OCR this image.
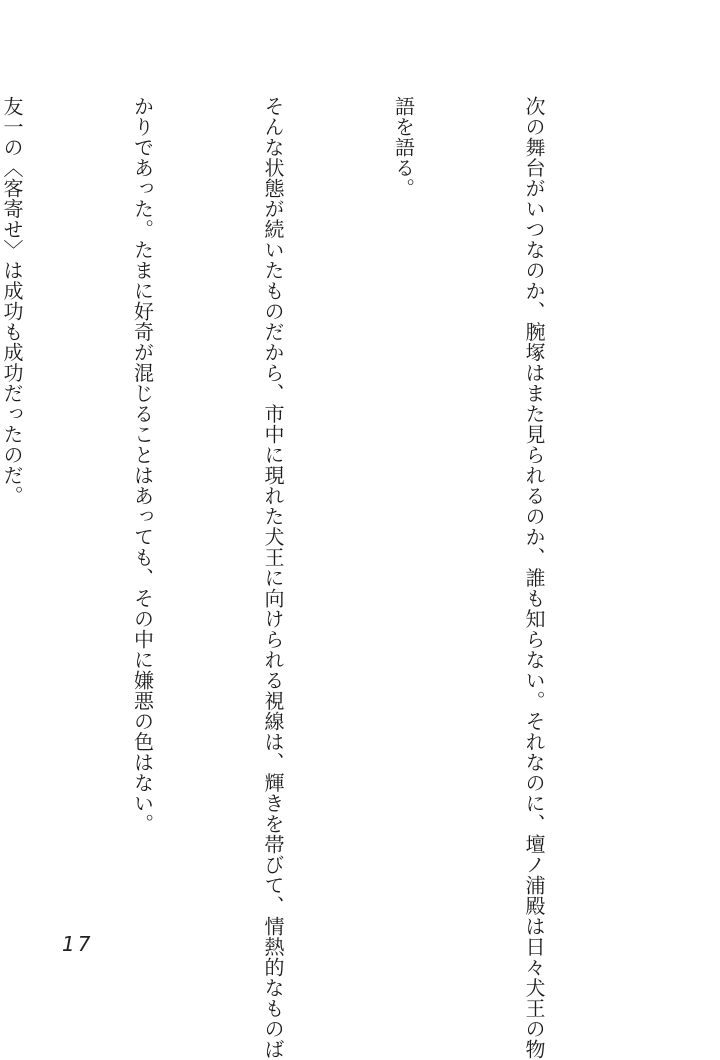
次の舞台がいつなのか、腕塚はまた見られるのか、誰も知らない。それなのに、壇ノ浦殿は日々犬王の物

語を語る。

そんな状態が続いたものだから、市中に現れた犬王に向けられる視線は、輝きを帯びて、情熱的なものば

かりであった。たまに好奇が混じることはあっても、その中に嫌悪の色はない。

友一の〈客寄せ〉は成功も成功だったのだ。

17
